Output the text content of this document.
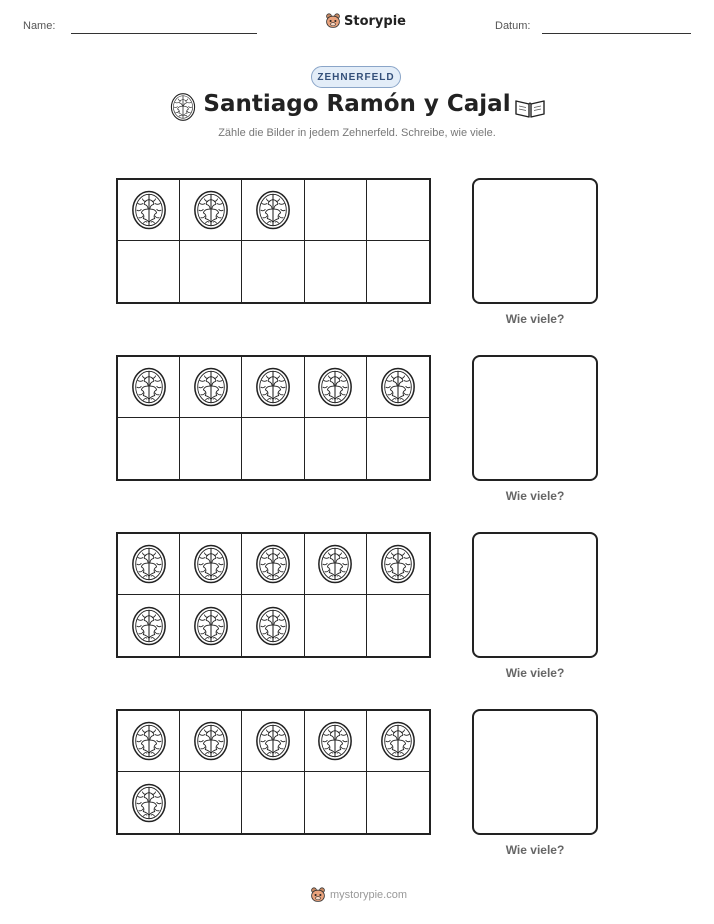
Name:	Storypie	Datum:
ZEHNERFELD
Santiago Ramón y Cajal
Zähle die Bilder in jedem Zehnerfeld. Schreibe, wie viele.
Wie viele?
Wie viele?
Wie viele?
Wie viele?
mystorypie.com
